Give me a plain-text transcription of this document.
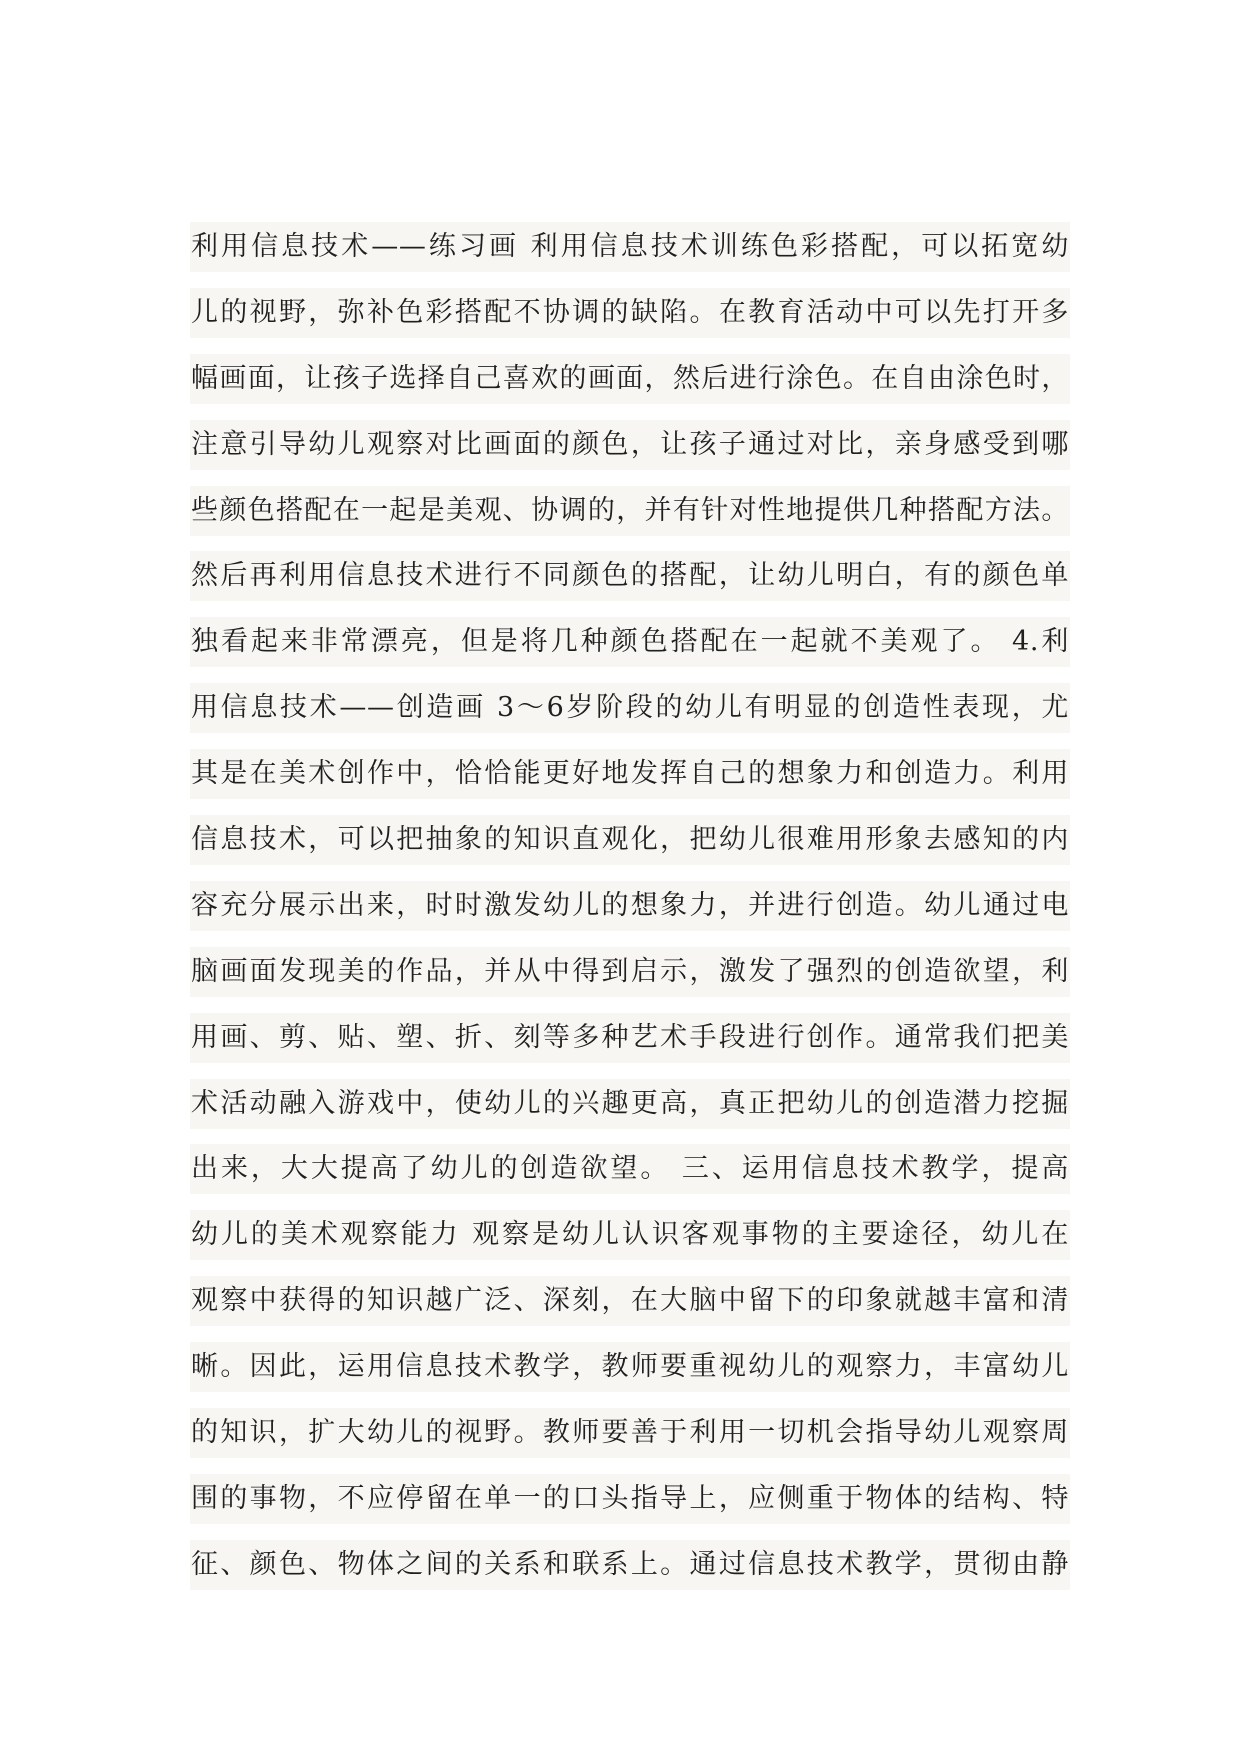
利用信息技术——练习画 利用信息技术训练色彩搭配，可以拓宽幼

儿的视野，弥补色彩搭配不协调的缺陷。在教育活动中可以先打开多

幅画面，让孩子选择自己喜欢的画面，然后进行涂色。在自由涂色时，

注意引导幼儿观察对比画面的颜色，让孩子通过对比，亲身感受到哪

些颜色搭配在一起是美观、协调的，并有针对性地提供几种搭配方法。

然后再利用信息技术进行不同颜色的搭配，让幼儿明白，有的颜色单

独看起来非常漂亮，但是将几种颜色搭配在一起就不美观了。 4.利

用信息技术——创造画 3～6岁阶段的幼儿有明显的创造性表现，尤

其是在美术创作中，恰恰能更好地发挥自己的想象力和创造力。利用

信息技术，可以把抽象的知识直观化，把幼儿很难用形象去感知的内

容充分展示出来，时时激发幼儿的想象力，并进行创造。幼儿通过电

脑画面发现美的作品，并从中得到启示，激发了强烈的创造欲望，利

用画、剪、贴、塑、折、刻等多种艺术手段进行创作。通常我们把美

术活动融入游戏中，使幼儿的兴趣更高，真正把幼儿的创造潜力挖掘

出来，大大提高了幼儿的创造欲望。 三、运用信息技术教学，提高

幼儿的美术观察能力 观察是幼儿认识客观事物的主要途径，幼儿在

观察中获得的知识越广泛、深刻，在大脑中留下的印象就越丰富和清

晰。因此，运用信息技术教学，教师要重视幼儿的观察力，丰富幼儿

的知识，扩大幼儿的视野。教师要善于利用一切机会指导幼儿观察周

围的事物，不应停留在单一的口头指导上，应侧重于物体的结构、特

征、颜色、物体之间的关系和联系上。通过信息技术教学，贯彻由静
